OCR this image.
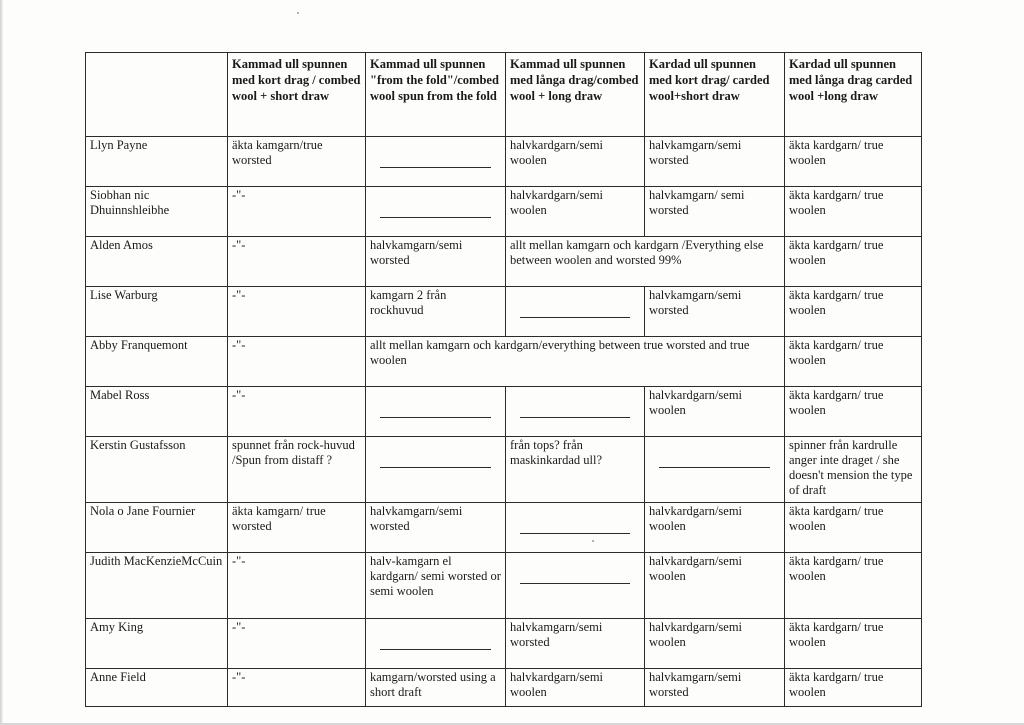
	Kammad ull spunnen med kort drag / combed wool + short draw	Kammad ull spunnen "from the fold"/combed wool spun from the fold	Kammad ull spunnen med långa drag/combed wool + long draw	Kardad ull spunnen med kort drag/ carded wool+short draw	Kardad ull spunnen med långa drag carded wool +long draw
Llyn Payne	äkta kamgarn/true worsted		halvkardgarn/semi woolen	halvkamgarn/semi worsted	äkta kardgarn/ true woolen
Siobhan nic Dhuinnshleibhe	-"-		halvkardgarn/semi woolen	halvkamgarn/ semi worsted	äkta kardgarn/ true woolen
Alden Amos	-"-	halvkamgarn/semi worsted	allt mellan kamgarn och kardgarn /Everything else between woolen and worsted 99%		äkta kardgarn/ true woolen
Lise Warburg	-"-	kamgarn 2 från rockhuvud		halvkamgarn/semi worsted	äkta kardgarn/ true woolen
Abby Franquemont	-"-	allt mellan kamgarn och kardgarn/everything between true worsted and true woolen			äkta kardgarn/ true woolen
Mabel Ross	-"-			halvkardgarn/semi woolen	äkta kardgarn/ true woolen
Kerstin Gustafsson	spunnet från rock-huvud /Spun from distaff ?		från tops? från maskinkardad ull?		spinner från kardrulle anger inte draget / she doesn't mension the type of draft
Nola o Jane Fournier	äkta kamgarn/ true worsted	halvkamgarn/semi worsted		halvkardgarn/semi woolen	äkta kardgarn/ true woolen
Judith MacKenzieMcCuin	-"-	halv-kamgarn el kardgarn/ semi worsted or semi woolen		halvkardgarn/semi woolen	äkta kardgarn/ true woolen
Amy King	-"-		halvkamgarn/semi worsted	halvkardgarn/semi woolen	äkta kardgarn/ true woolen
Anne Field	-"-	kamgarn/worsted using a short draft	halvkardgarn/semi woolen	halvkamgarn/semi worsted	äkta kardgarn/ true woolen
